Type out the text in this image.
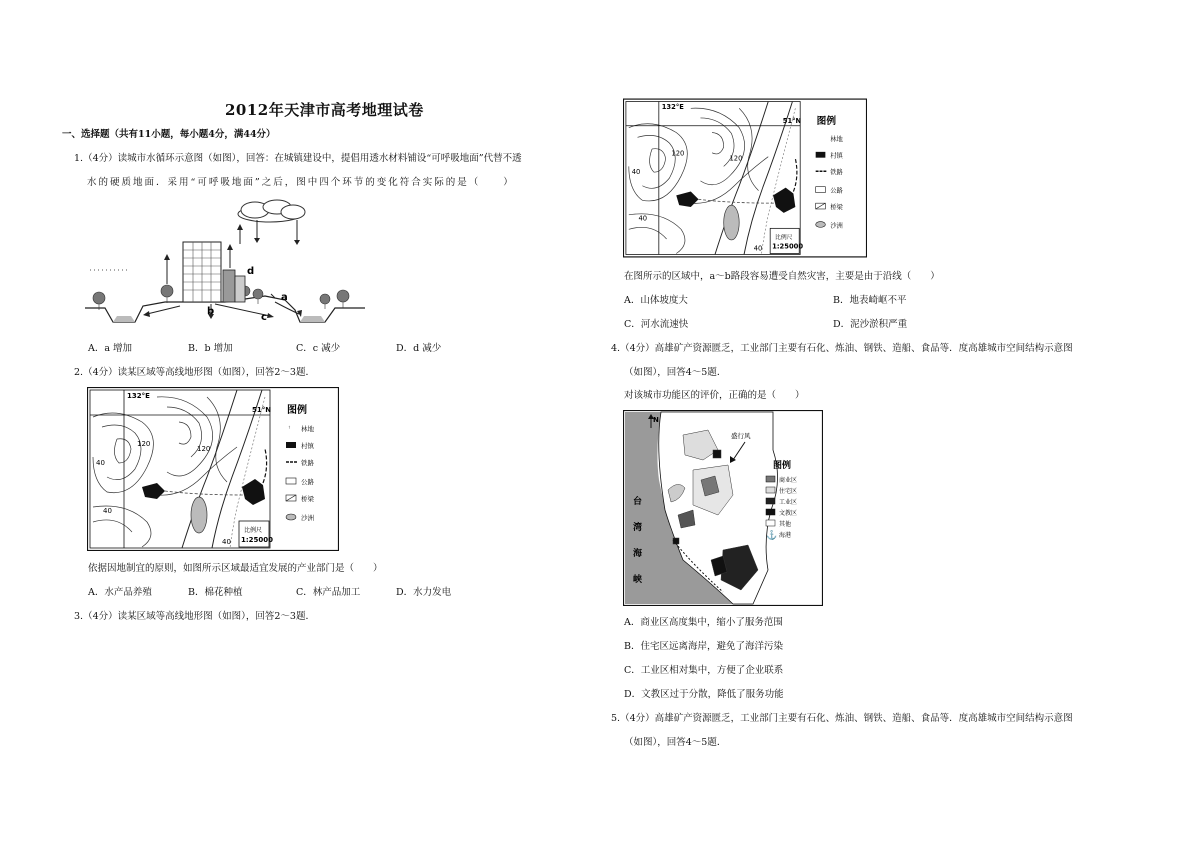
2012年天津市高考地理试卷
一、选择题（共有11小题，每小题4分，满44分）
1.（4分）读城市水循环示意图（如图），回答：在城镇建设中，提倡用透水材料铺设“可呼吸地面”代替不透
水的硬质地面．采用“可呼吸地面”之后，图中四个环节的变化符合实际的是（　　）
d
a
b
c
A．a 增加	B．b 增加	C．c 减少	D．d 减少
2.（4分）读某区域等高线地形图（如图），回答2～3题．
132°E
51°N
120
120
40
40
40
比例尺
1:25000
图例
ꜛ 林地
村镇
铁路
公路
桥梁
沙洲
依据因地制宜的原则，如图所示区域最适宜发展的产业部门是（　　）
A．水产品养殖	B．棉花种植	C．林产品加工	D．水力发电
3.（4分）读某区域等高线地形图（如图），回答2～3题．
132°E
51°N
120
120
40
40
40
比例尺
1:25000
图例
林地
村镇
铁路
公路
桥梁
沙洲
在图所示的区域中，a～b路段容易遭受自然灾害，主要是由于沿线（　　）
A．山体坡度大	B．地表崎岖不平
C．河水流速快	D．泥沙淤积严重
4.（4分）高雄矿产资源匮乏，工业部门主要有石化、炼油、钢铁、造船、食品等．度高雄城市空间结构示意图
（如图），回答4～5题．
对该城市功能区的评价，正确的是（　　）
N
盛行风
台
湾
海
峡
图例
⚓
商业区
住宅区
工业区
文教区
其他
海港
A．商业区高度集中，缩小了服务范围
B．住宅区远离海岸，避免了海洋污染
C．工业区相对集中，方便了企业联系
D．文教区过于分散，降低了服务功能
5.（4分）高雄矿产资源匮乏，工业部门主要有石化、炼油、钢铁、造船、食品等．度高雄城市空间结构示意图
（如图），回答4～5题．
